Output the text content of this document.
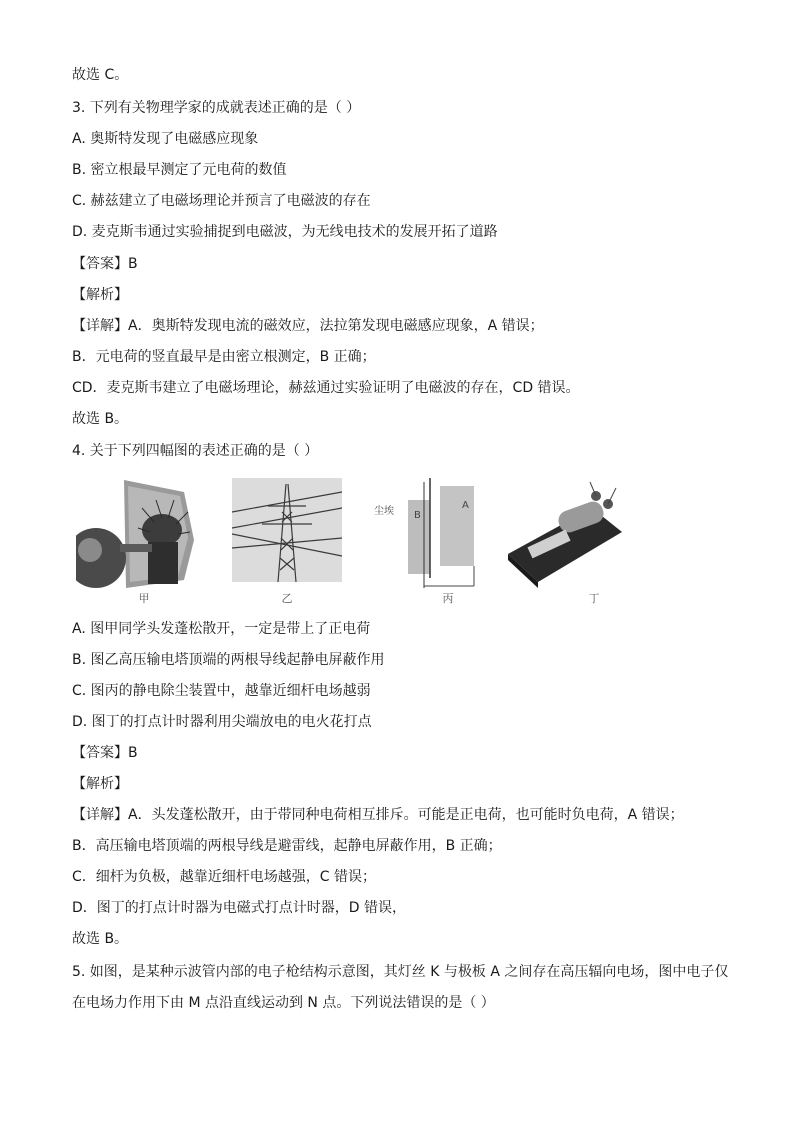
故选 C。
3. 下列有关物理学家的成就表述正确的是（ ）
A. 奥斯特发现了电磁感应现象
B. 密立根最早测定了元电荷的数值
C. 赫兹建立了电磁场理论并预言了电磁波的存在
D. 麦克斯韦通过实验捕捉到电磁波，为无线电技术的发展开拓了道路
【答案】B
【解析】
【详解】A．奥斯特发现电流的磁效应，法拉第发现电磁感应现象，A 错误；
B．元电荷的竖直最早是由密立根测定，B 正确；
CD．麦克斯韦建立了电磁场理论，赫兹通过实验证明了电磁波的存在，CD 错误。
故选 B。
4. 关于下列四幅图的表述正确的是（ ）
甲	乙
尘埃
A
B
丙	丁
A. 图甲同学头发蓬松散开，一定是带上了正电荷
B. 图乙高压输电塔顶端的两根导线起静电屏蔽作用
C. 图丙的静电除尘装置中，越靠近细杆电场越弱
D. 图丁的打点计时器利用尖端放电的电火花打点
【答案】B
【解析】
【详解】A．头发蓬松散开，由于带同种电荷相互排斥。可能是正电荷，也可能时负电荷，A 错误；
B．高压输电塔顶端的两根导线是避雷线，起静电屏蔽作用，B 正确；
C．细杆为负极，越靠近细杆电场越强，C 错误；
D．图丁的打点计时器为电磁式打点计时器，D 错误，
故选 B。
5. 如图，是某种示波管内部的电子枪结构示意图，其灯丝 K 与极板 A 之间存在高压辐向电场，图中电子仅
在电场力作用下由 M 点沿直线运动到 N 点。下列说法错误的是（ ）
